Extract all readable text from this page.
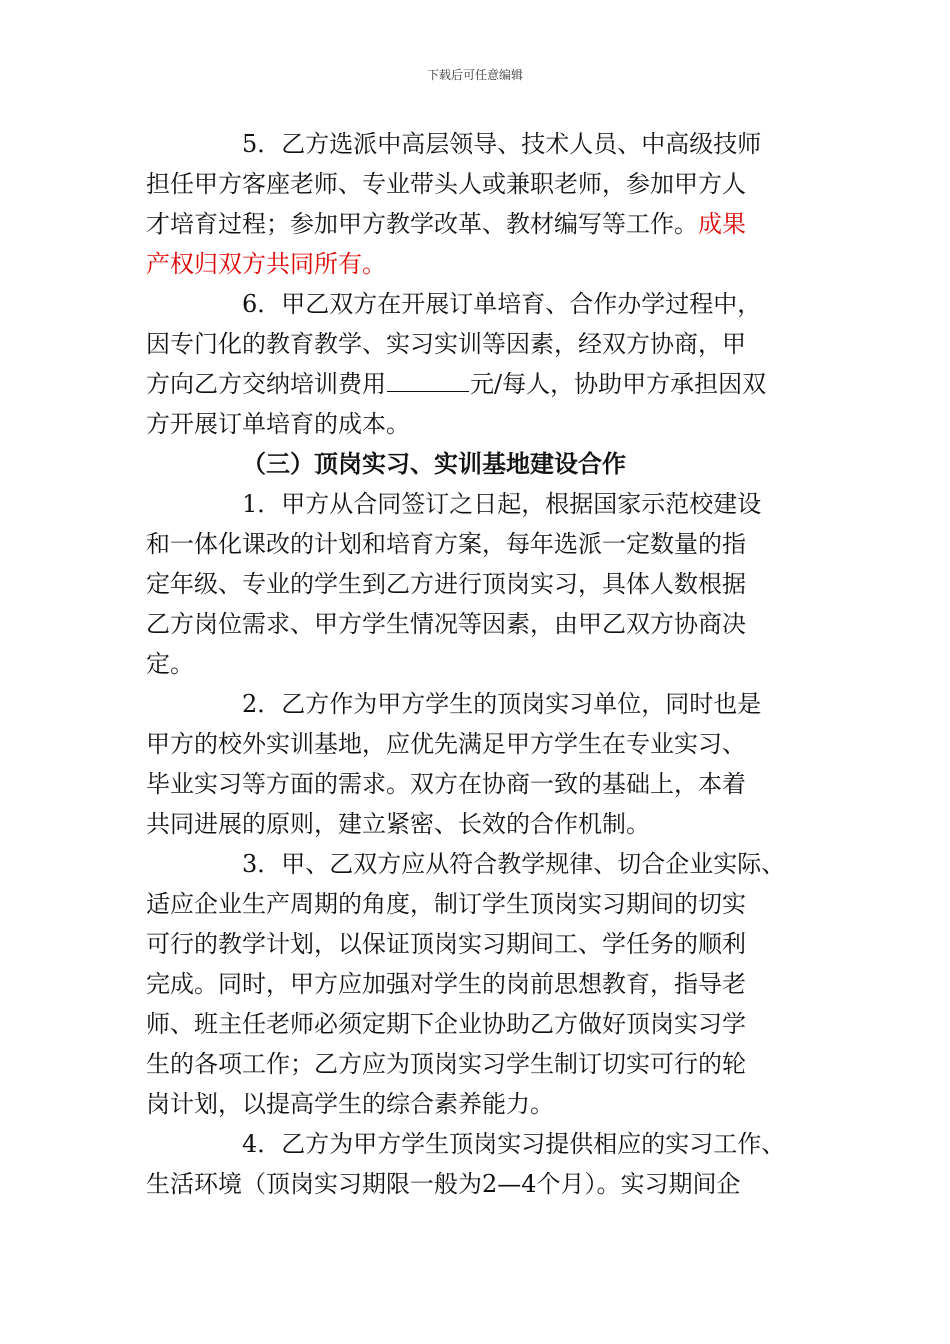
下载后可任意编辑
5．乙方选派中高层领导、技术人员、中高级技师
担任甲方客座老师、专业带头人或兼职老师，参加甲方人
才培育过程；参加甲方教学改革、教材编写等工作。成果
产权归双方共同所有。
6．甲乙双方在开展订单培育、合作办学过程中，
因专门化的教育教学、实习实训等因素，经双方协商，甲
方向乙方交纳培训费用	元/每人，协助甲方承担因双
方开展订单培育的成本。
（三）顶岗实习、实训基地建设合作
1．甲方从合同签订之日起，根据国家示范校建设
和一体化课改的计划和培育方案，每年选派一定数量的指
定年级、专业的学生到乙方进行顶岗实习，具体人数根据
乙方岗位需求、甲方学生情况等因素，由甲乙双方协商决
定。
2．乙方作为甲方学生的顶岗实习单位，同时也是
甲方的校外实训基地，应优先满足甲方学生在专业实习、
毕业实习等方面的需求。双方在协商一致的基础上，本着
共同进展的原则，建立紧密、长效的合作机制。
3．甲、乙双方应从符合教学规律、切合企业实际、
适应企业生产周期的角度，制订学生顶岗实习期间的切实
可行的教学计划，以保证顶岗实习期间工、学任务的顺利
完成。同时，甲方应加强对学生的岗前思想教育，指导老
师、班主任老师必须定期下企业协助乙方做好顶岗实习学
生的各项工作；乙方应为顶岗实习学生制订切实可行的轮
岗计划，以提高学生的综合素养能力。
4．乙方为甲方学生顶岗实习提供相应的实习工作、
生活环境（顶岗实习期限一般为2—4个月）。实习期间企
